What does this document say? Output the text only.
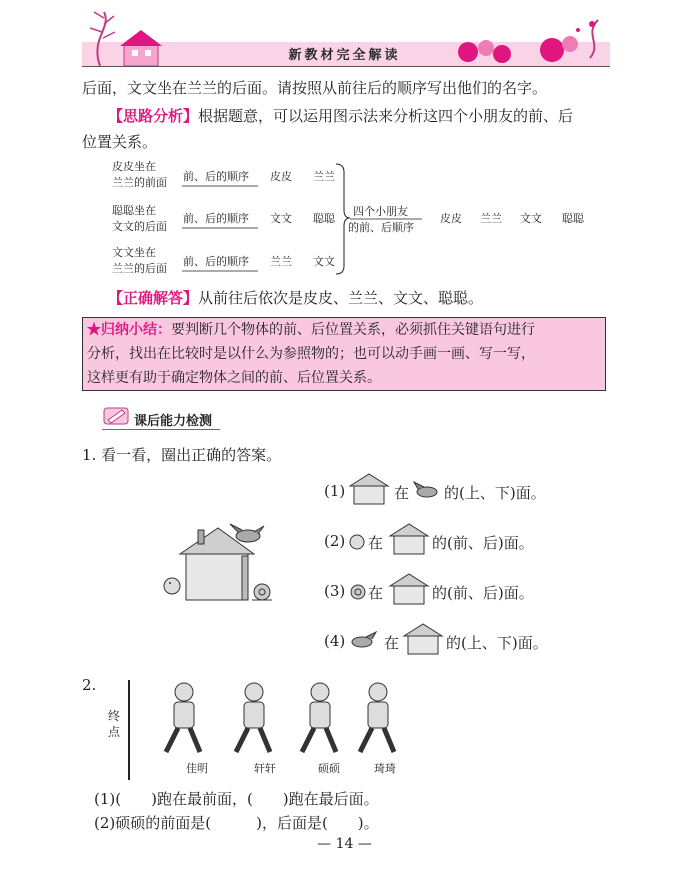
新教材完全解读
后面，文文坐在兰兰的后面。请按照从前往后的顺序写出他们的名字。
【思路分析】根据题意，可以运用图示法来分析这四个小朋友的前、后
位置关系。
皮皮坐在
兰兰的前面 前、后的顺序 皮皮 兰兰
聪聪坐在
文文的后面
前、后的顺序 文文 聪聪
文文坐在
兰兰的后面
前、后的顺序 兰兰 文文
四个小朋友
的前、后顺序
皮皮 兰兰 文文 聪聪
【正确解答】从前往后依次是皮皮、兰兰、文文、聪聪。
★归纳小结：要判断几个物体的前、后位置关系，必须抓住关键语句进行
分析，找出在比较时是以什么为参照物的；也可以动手画一画、写一写，
这样更有助于确定物体之间的前、后位置关系。
课后能力检测
1. 看一看，圈出正确的答案。
(1)	在 的(上、下)面。
(2) 在	的(前、后)面。
(3) 在	的(前、后)面。
(4)	在	的(上、下)面。
2.
终点
佳明	轩轩	硕硕	琦琦
(1)(　　)跑在最前面，(　　)跑在最后面。
(2)硕硕的前面是(　　　)，后面是(　　)。
— 14 —
